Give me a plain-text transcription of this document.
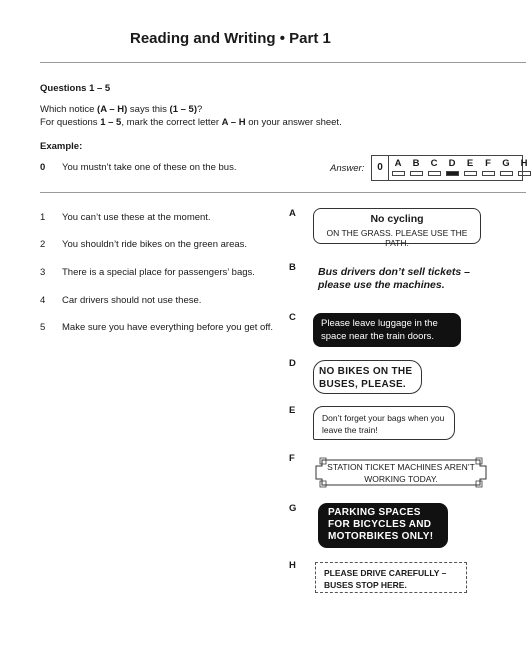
Reading and Writing • Part 1
Questions 1 – 5
Which notice (A – H) says this (1 – 5)?
For questions 1 – 5, mark the correct letter A – H on your answer sheet.
Example:
0 You mustn’t take one of these on the bus.	Answer:	0	A B C D E	F	G H
1 You can’t use these at the moment.
2 You shouldn’t ride bikes on the green areas.
3 There is a special place for passengers’ bags.
4 Car drivers should not use these.
5 Make sure you have everything before you get off.
A
B
C
D
E
F
G
H
No cycling
ON THE GRASS. PLEASE USE THE PATH.
Bus drivers don’t sell tickets –
please use the machines.
Please leave luggage in the
space near the train doors.
NO BIKES ON THE
BUSES, PLEASE.
Don’t forget your bags when you
leave the train!
STATION TICKET MACHINES AREN’T
WORKING TODAY.
PARKING SPACES
FOR BICYCLES AND
MOTORBIKES ONLY!
PLEASE DRIVE CAREFULLY –
BUSES STOP HERE.
